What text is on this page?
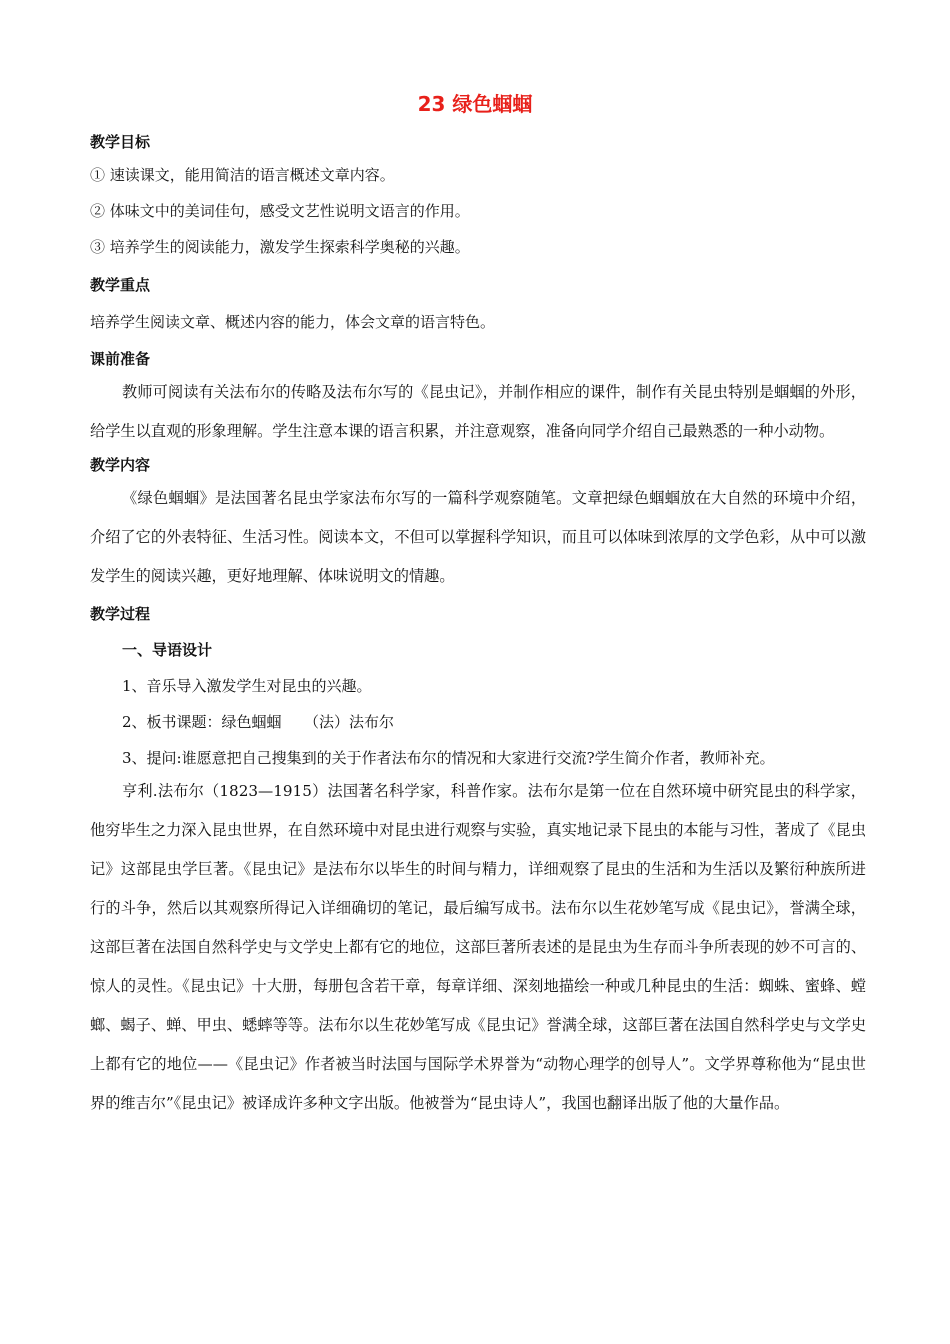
23 绿色蝈蝈

教学目标

① 速读课文，能用简洁的语言概述文章内容。

② 体味文中的美词佳句，感受文艺性说明文语言的作用。

③ 培养学生的阅读能力，激发学生探索科学奥秘的兴趣。

教学重点

培养学生阅读文章、概述内容的能力，体会文章的语言特色。

课前准备

教师可阅读有关法布尔的传略及法布尔写的《昆虫记》，并制作相应的课件，制作有关昆虫特别是蝈蝈的外形，给学生以直观的形象理解。学生注意本课的语言积累，并注意观察，准备向同学介绍自己最熟悉的一种小动物。

教学内容

《绿色蝈蝈》是法国著名昆虫学家法布尔写的一篇科学观察随笔。文章把绿色蝈蝈放在大自然的环境中介绍，介绍了它的外表特征、生活习性。阅读本文，不但可以掌握科学知识，而且可以体味到浓厚的文学色彩，从中可以激发学生的阅读兴趣，更好地理解、体味说明文的情趣。

教学过程

一、导语设计

1、音乐导入激发学生对昆虫的兴趣。

2、板书课题：绿色蝈蝈　　（法）法布尔

3、提问:谁愿意把自己搜集到的关于作者法布尔的情况和大家进行交流?学生简介作者，教师补充。

亨利.法布尔（1823—1915）法国著名科学家，科普作家。法布尔是第一位在自然环境中研究昆虫的科学家，他穷毕生之力深入昆虫世界，在自然环境中对昆虫进行观察与实验，真实地记录下昆虫的本能与习性，著成了《昆虫记》这部昆虫学巨著。《昆虫记》是法布尔以毕生的时间与精力，详细观察了昆虫的生活和为生活以及繁衍种族所进行的斗争，然后以其观察所得记入详细确切的笔记，最后编写成书。法布尔以生花妙笔写成《昆虫记》，誉满全球，这部巨著在法国自然科学史与文学史上都有它的地位，这部巨著所表述的是昆虫为生存而斗争所表现的妙不可言的、惊人的灵性。《昆虫记》十大册，每册包含若干章，每章详细、深刻地描绘一种或几种昆虫的生活：蜘蛛、蜜蜂、螳螂、蝎子、蝉、甲虫、蟋蟀等等。法布尔以生花妙笔写成《昆虫记》誉满全球，这部巨著在法国自然科学史与文学史上都有它的地位——《昆虫记》作者被当时法国与国际学术界誉为“动物心理学的创导人”。文学界尊称他为“昆虫世界的维吉尔”《昆虫记》被译成许多种文字出版。他被誉为“昆虫诗人”，我国也翻译出版了他的大量作品。
